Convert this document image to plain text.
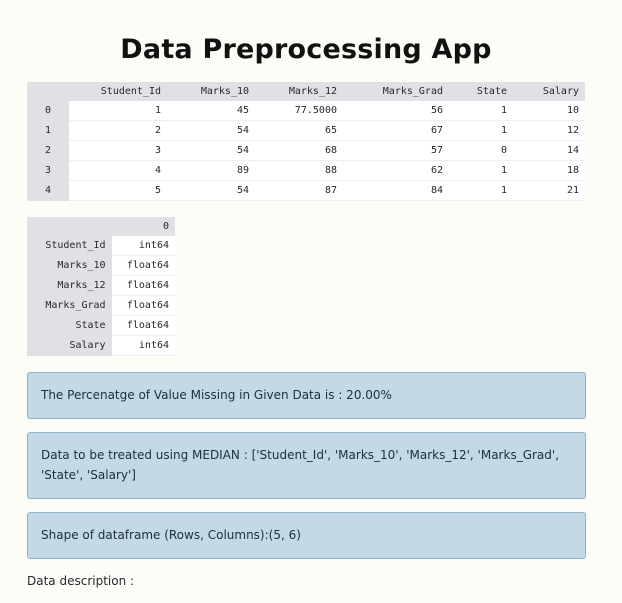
Data Preprocessing App
	Student_Id	Marks_10	Marks_12	Marks_Grad	State	Salary
0	1	45	77.5000	56	1	10
1	2	54	65	67	1	12
2	3	54	68	57	0	14
3	4	89	88	62	1	18
4	5	54	87	84	1	21
	0
Student_Id	int64
Marks_10	float64
Marks_12	float64
Marks_Grad	float64
State	float64
Salary	int64
The Percenatge of Value Missing in Given Data is : 20.00%
Data to be treated using MEDIAN : ['Student_Id', 'Marks_10', 'Marks_12', 'Marks_Grad', 'State', 'Salary']
Shape of dataframe (Rows, Columns):(5, 6)
Data description :
